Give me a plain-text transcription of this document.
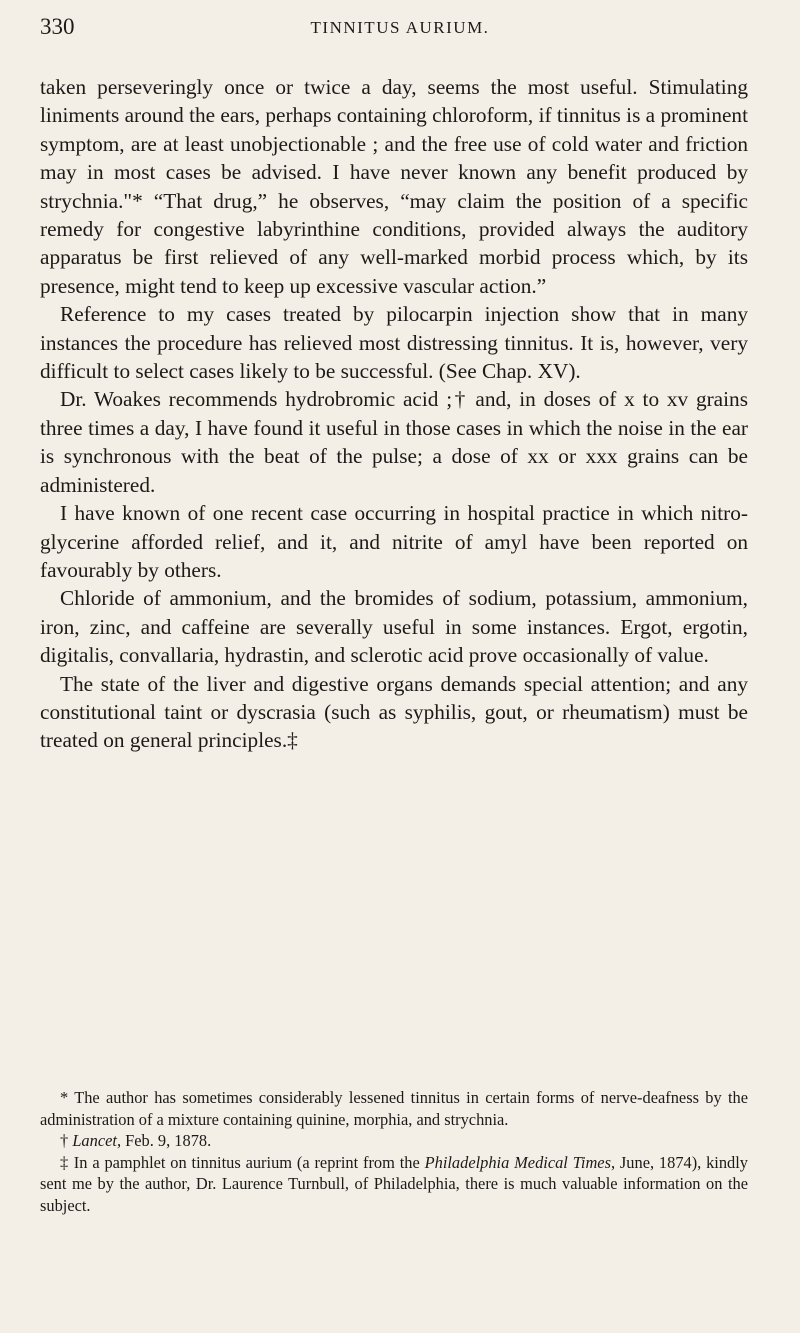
330	TINNITUS AURIUM.

taken perseveringly once or twice a day, seems the most useful. Stimulating liniments around the ears, perhaps containing chloroform, if tinnitus is a prominent symptom, are at least unobjectionable ; and the free use of cold water and friction may in most cases be advised. I have never known any benefit produced by strychnia."* “That drug,” he observes, “may claim the position of a specific remedy for congestive labyrinthine conditions, provided always the auditory apparatus be first relieved of any well-marked morbid process which, by its presence, might tend to keep up excessive vascular action.”

Reference to my cases treated by pilocarpin injection show that in many instances the procedure has relieved most distressing tinnitus. It is, however, very difficult to select cases likely to be successful. (See Chap. XV).

Dr. Woakes recommends hydrobromic acid ;† and, in doses of x to xv grains three times a day, I have found it useful in those cases in which the noise in the ear is synchronous with the beat of the pulse; a dose of xx or xxx grains can be administered.

I have known of one recent case occurring in hospital practice in which nitro-glycerine afforded relief, and it, and nitrite of amyl have been reported on favourably by others.

Chloride of ammonium, and the bromides of sodium, potassium, ammonium, iron, zinc, and caffeine are severally useful in some instances. Ergot, ergotin, digitalis, convallaria, hydrastin, and sclerotic acid prove occasionally of value.

The state of the liver and digestive organs demands special attention; and any constitutional taint or dyscrasia (such as syphilis, gout, or rheumatism) must be treated on general principles.‡

* The author has sometimes considerably lessened tinnitus in certain forms of nerve-deafness by the administration of a mixture containing quinine, morphia, and strychnia.

† Lancet, Feb. 9, 1878.

‡ In a pamphlet on tinnitus aurium (a reprint from the Philadelphia Medical Times, June, 1874), kindly sent me by the author, Dr. Laurence Turnbull, of Philadelphia, there is much valuable information on the subject.
